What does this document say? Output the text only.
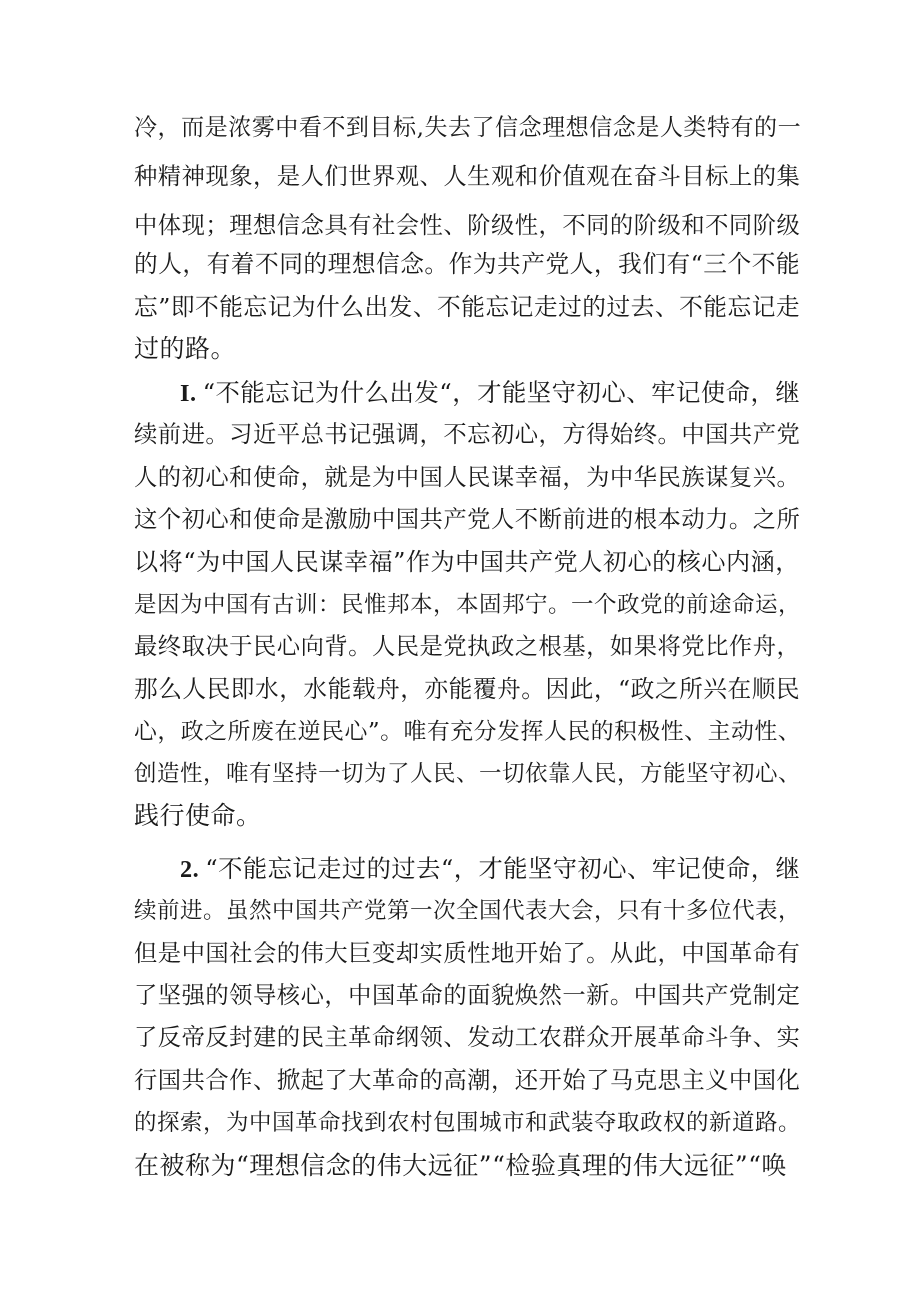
冷，而是浓雾中看不到目标,失去了信念理想信念是人类特有的一
种精神现象，是人们世界观、人生观和价值观在奋斗目标上的集
中体现；理想信念具有社会性、阶级性，不同的阶级和不同阶级
的人，有着不同的理想信念。作为共产党人，我们有“三个不能
忘”即不能忘记为什么出发、不能忘记走过的过去、不能忘记走
过的路。
I. “不能忘记为什么出发“，才能坚守初心、牢记使命，继
续前进。习近平总书记强调，不忘初心，方得始终。中国共产党
人的初心和使命，就是为中国人民谋幸福，为中华民族谋复兴。
这个初心和使命是激励中国共产党人不断前进的根本动力。之所
以将“为中国人民谋幸福”作为中国共产党人初心的核心内涵，
是因为中国有古训：民惟邦本，本固邦宁。一个政党的前途命运，
最终取决于民心向背。人民是党执政之根基，如果将党比作舟，
那么人民即水，水能载舟，亦能覆舟。因此，“政之所兴在顺民
心，政之所废在逆民心”。唯有充分发挥人民的积极性、主动性、
创造性，唯有坚持一切为了人民、一切依靠人民，方能坚守初心、
践行使命。
2. “不能忘记走过的过去“，才能坚守初心、牢记使命，继
续前进。虽然中国共产党第一次全国代表大会，只有十多位代表，
但是中国社会的伟大巨变却实质性地开始了。从此，中国革命有
了坚强的领导核心，中国革命的面貌焕然一新。中国共产党制定
了反帝反封建的民主革命纲领、发动工农群众开展革命斗争、实
行国共合作、掀起了大革命的高潮，还开始了马克思主义中国化
的探索，为中国革命找到农村包围城市和武装夺取政权的新道路。
在被称为“理想信念的伟大远征”“检验真理的伟大远征”“唤
